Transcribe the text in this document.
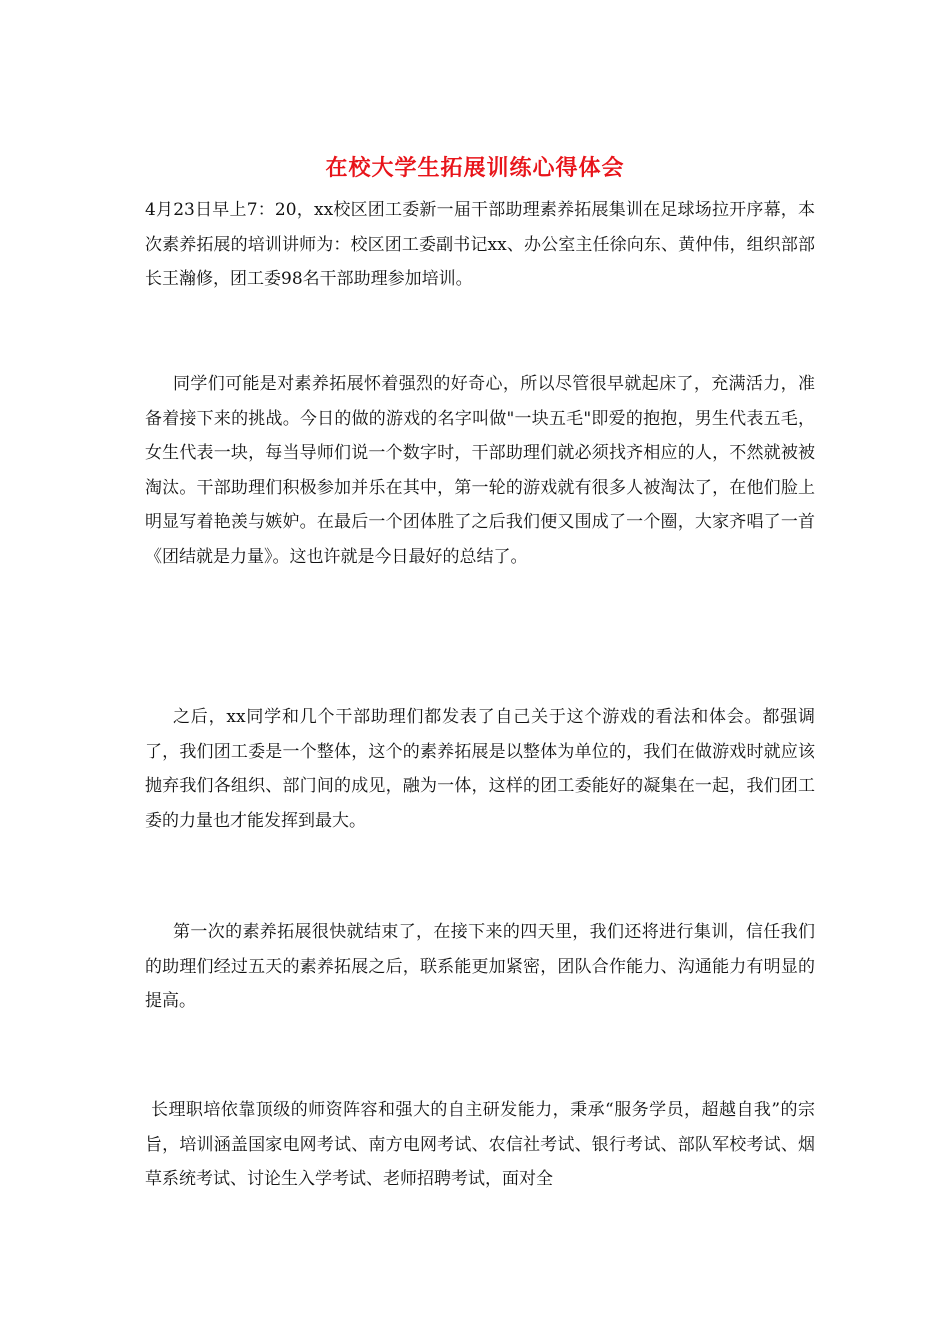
在校大学生拓展训练心得体会

4月23日早上7：20，xx校区团工委新一届干部助理素养拓展集训在足球场拉开序幕，本次素养拓展的培训讲师为：校区团工委副书记xx、办公室主任徐向东、黄仲伟，组织部部长王瀚修，团工委98名干部助理参加培训。

同学们可能是对素养拓展怀着强烈的好奇心，所以尽管很早就起床了，充满活力，准备着接下来的挑战。今日的做的游戏的名字叫做"一块五毛"即爱的抱抱，男生代表五毛，女生代表一块，每当导师们说一个数字时，干部助理们就必须找齐相应的人，不然就被被淘汰。干部助理们积极参加并乐在其中，第一轮的游戏就有很多人被淘汰了，在他们脸上明显写着艳羡与嫉妒。在最后一个团体胜了之后我们便又围成了一个圈，大家齐唱了一首《团结就是力量》。这也许就是今日最好的总结了。

之后，xx同学和几个干部助理们都发表了自己关于这个游戏的看法和体会。都强调了，我们团工委是一个整体，这个的素养拓展是以整体为单位的，我们在做游戏时就应该抛弃我们各组织、部门间的成见，融为一体，这样的团工委能好的凝集在一起，我们团工委的力量也才能发挥到最大。

第一次的素养拓展很快就结束了，在接下来的四天里，我们还将进行集训，信任我们的助理们经过五天的素养拓展之后，联系能更加紧密，团队合作能力、沟通能力有明显的提高。

长理职培依靠顶级的师资阵容和强大的自主研发能力，秉承“服务学员，超越自我”的宗旨，培训涵盖国家电网考试、南方电网考试、农信社考试、银行考试、部队军校考试、烟草系统考试、讨论生入学考试、老师招聘考试，面对全
